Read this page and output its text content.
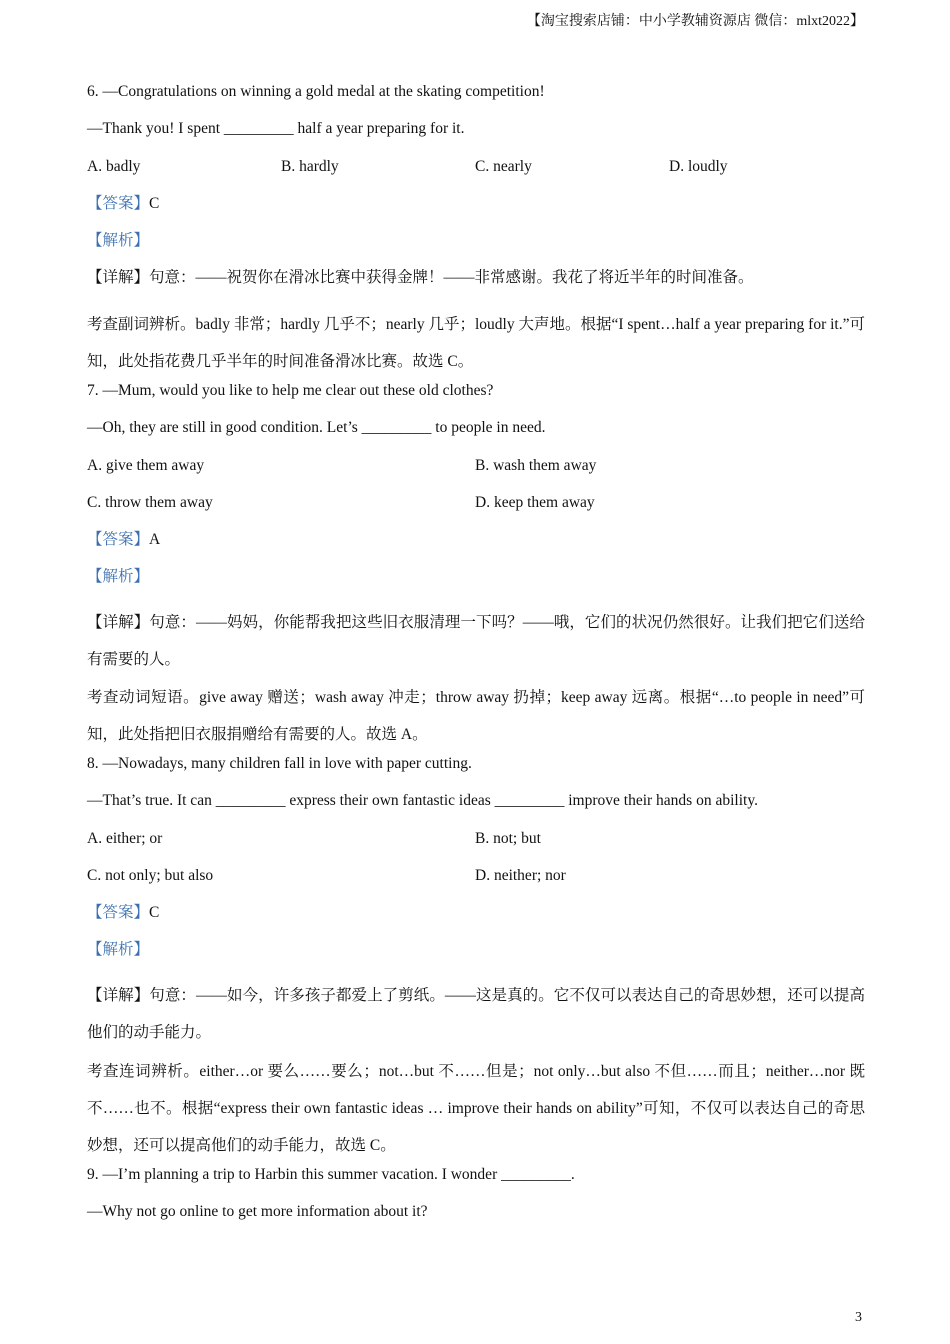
【淘宝搜索店铺：中小学教辅资源店 微信：mlxt2022】
6. —Congratulations on winning a gold medal at the skating competition!
—Thank you! I spent _________ half a year preparing for it.
A. badly	B. hardly	C. nearly	D. loudly
【答案】C
【解析】
【详解】句意：——祝贺你在滑冰比赛中获得金牌！——非常感谢。我花了将近半年的时间准备。
考查副词辨析。badly 非常；hardly 几乎不；nearly 几乎；loudly 大声地。根据“I spent…half a year preparing for it.”可知，此处指花费几乎半年的时间准备滑冰比赛。故选 C。
7. —Mum, would you like to help me clear out these old clothes?
—Oh, they are still in good condition. Let’s _________ to people in need.
A. give them away	B. wash them away
C. throw them away	D. keep them away
【答案】A
【解析】
【详解】句意：——妈妈，你能帮我把这些旧衣服清理一下吗？——哦，它们的状况仍然很好。让我们把它们送给有需要的人。
考查动词短语。give away 赠送；wash away 冲走；throw away 扔掉；keep away 远离。根据“…to people in need”可知，此处指把旧衣服捐赠给有需要的人。故选 A。
8. —Nowadays, many children fall in love with paper cutting.
—That’s true. It can _________ express their own fantastic ideas _________ improve their hands on ability.
A. either; or	B. not; but
C. not only; but also	D. neither; nor
【答案】C
【解析】
【详解】句意：——如今，许多孩子都爱上了剪纸。——这是真的。它不仅可以表达自己的奇思妙想，还可以提高他们的动手能力。
考查连词辨析。either…or 要么……要么；not…but 不……但是；not only…but also 不但……而且；neither…nor 既不……也不。根据“express their own fantastic ideas … improve their hands on ability”可知，不仅可以表达自己的奇思妙想，还可以提高他们的动手能力，故选 C。
9. —I’m planning a trip to Harbin this summer vacation. I wonder _________.
—Why not go online to get more information about it?
3
